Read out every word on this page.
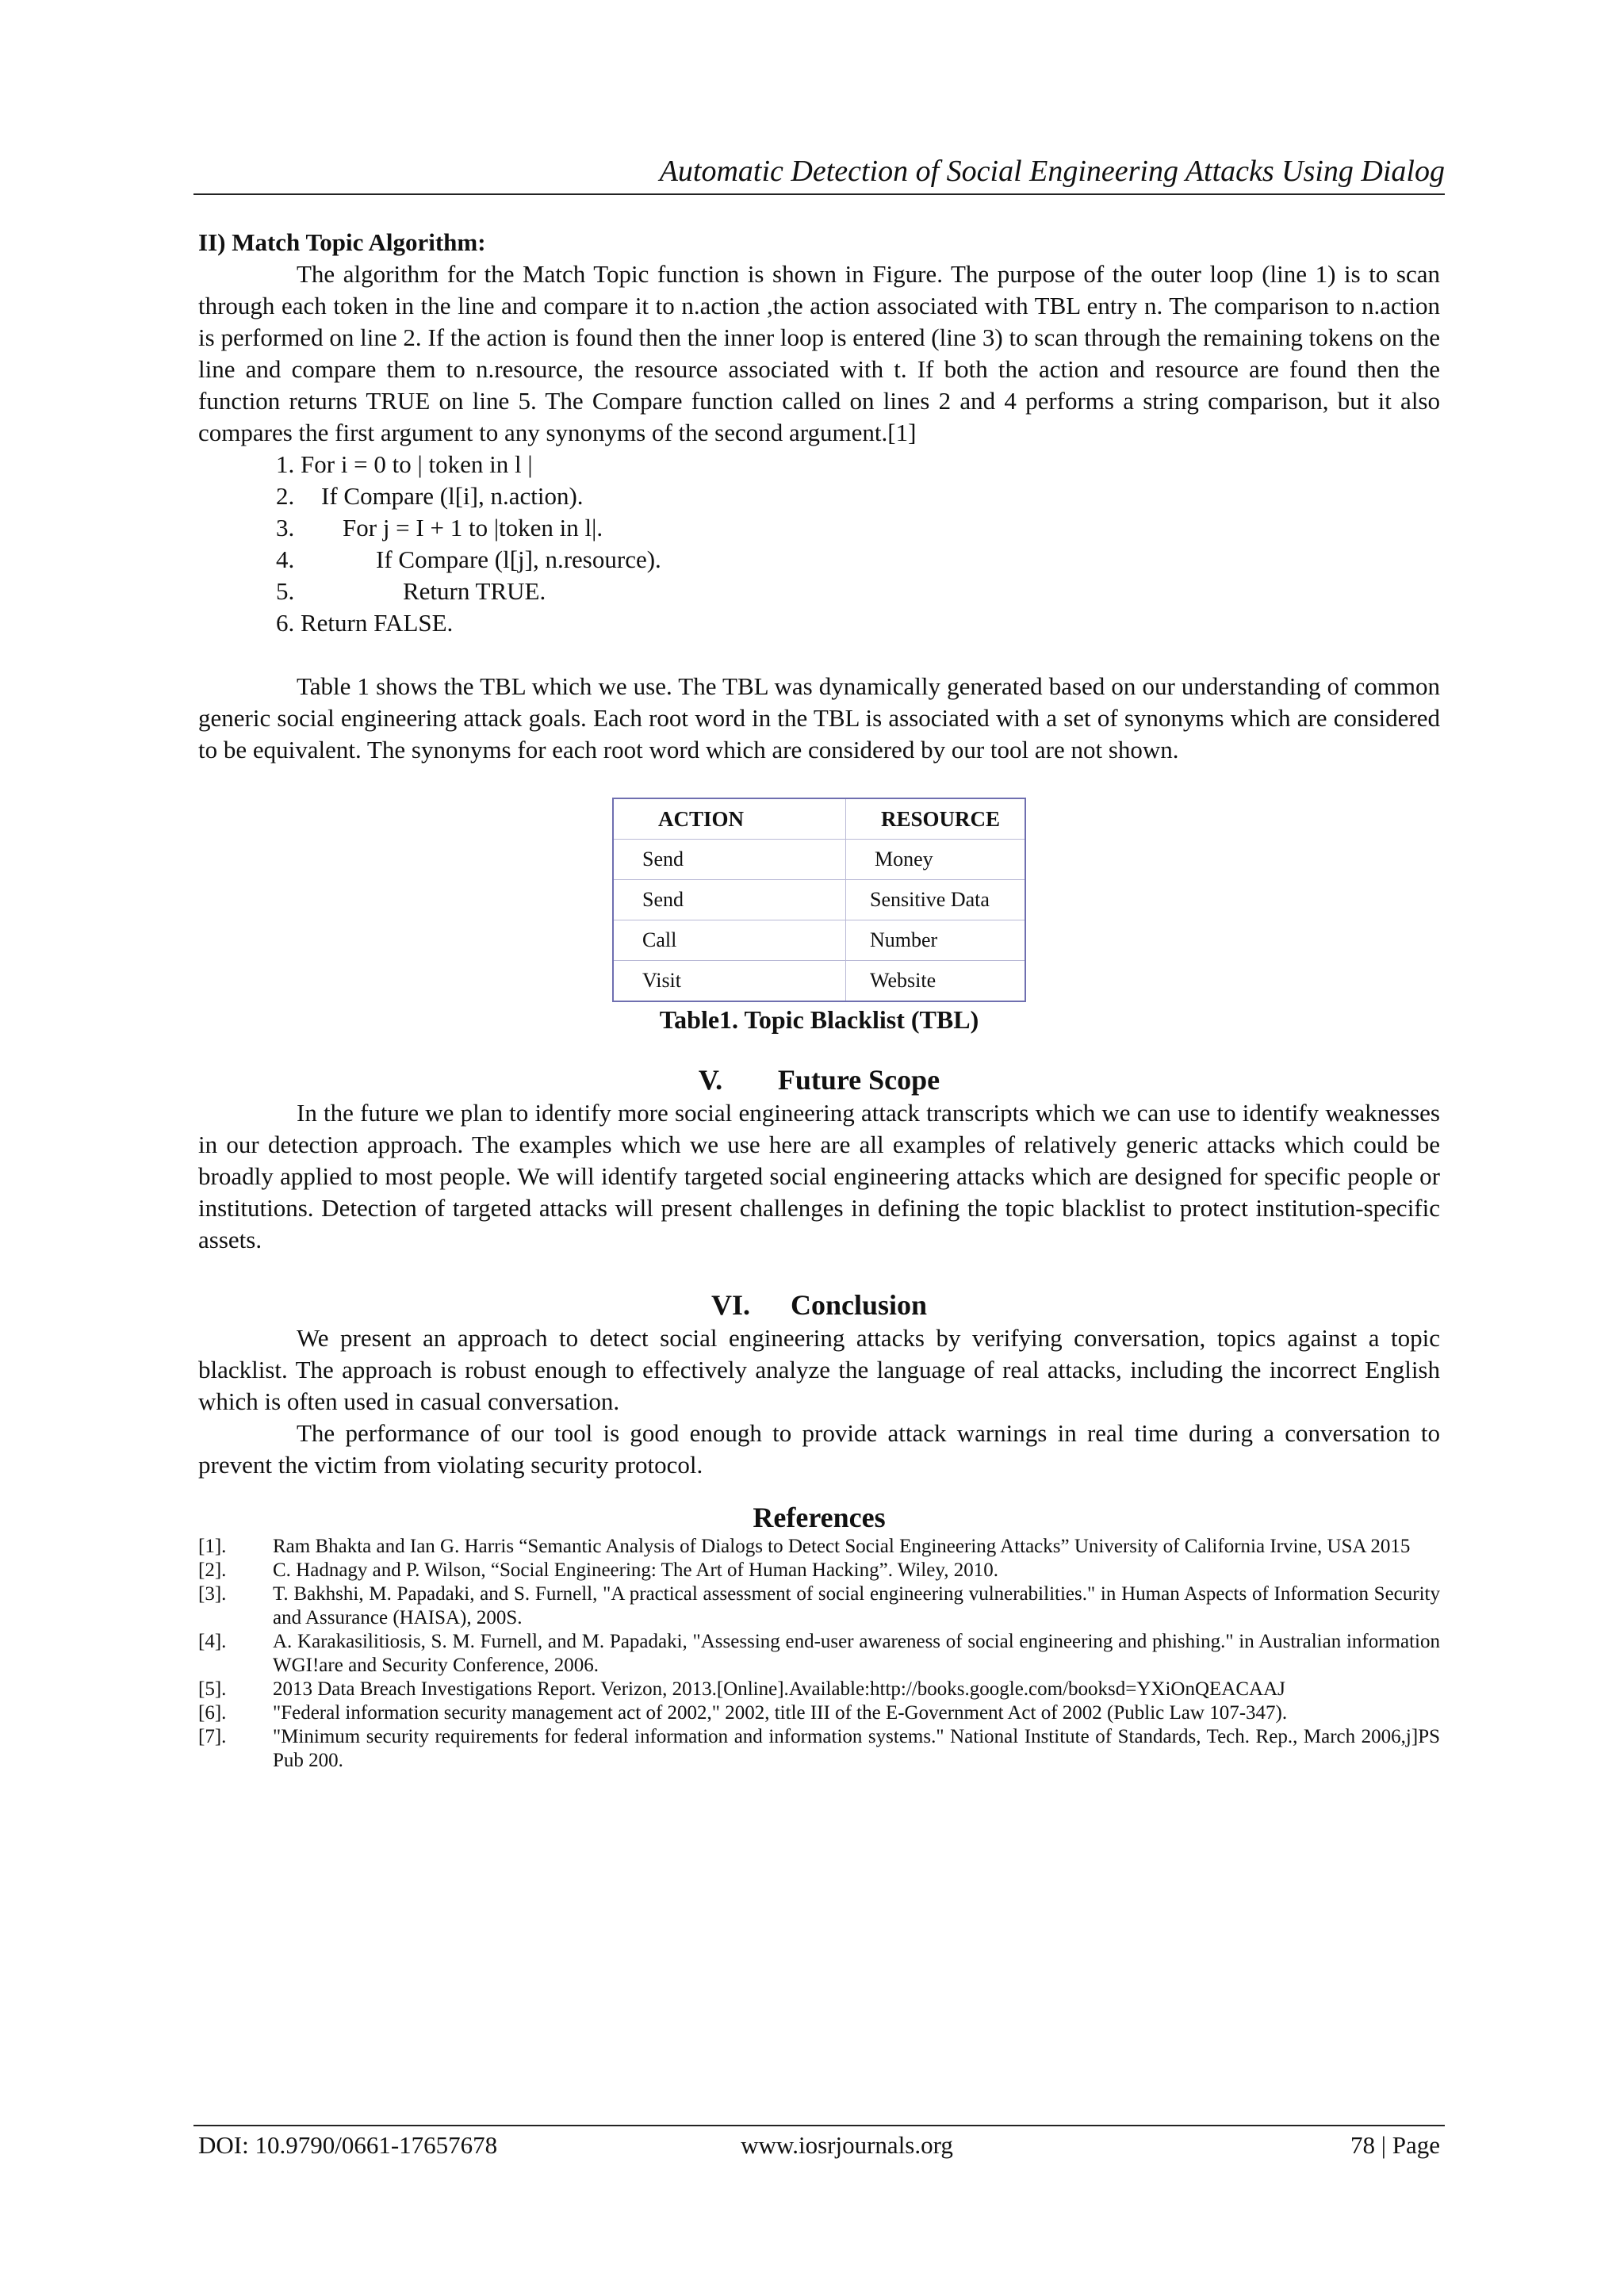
Automatic Detection of Social Engineering Attacks Using Dialog
II) Match Topic Algorithm:

The algorithm for the Match Topic function is shown in Figure. The purpose of the outer loop (line 1) is to scan through each token in the line and compare it to n.action ,the action associated with TBL entry n. The comparison to n.action is performed on line 2. If the action is found then the inner loop is entered (line 3) to scan through the remaining tokens on the line and compare them to n.resource, the resource associated with t. If both the action and resource are found then the function returns TRUE on line 5. The Compare function called on lines 2 and 4 performs a string comparison, but it also compares the first argument to any synonyms of the second argument.[1]

1. For i = 0 to | token in l |
2. If Compare (l[i], n.action).
3. For j = I + 1 to |token in l|.
4.	If Compare (l[j], n.resource).
5.	Return TRUE.
6. Return FALSE.

Table 1 shows the TBL which we use. The TBL was dynamically generated based on our understanding of common generic social engineering attack goals. Each root word in the TBL is associated with a set of synonyms which are considered to be equivalent. The synonyms for each root word which are considered by our tool are not shown.

ACTION	RESOURCE
Send	Money
Send	Sensitive Data
Call	Number
Visit	Website
Table1. Topic Blacklist (TBL)
V. Future Scope

In the future we plan to identify more social engineering attack transcripts which we can use to identify weaknesses in our detection approach. The examples which we use here are all examples of relatively generic attacks which could be broadly applied to most people. We will identify targeted social engineering attacks which are designed for specific people or institutions. Detection of targeted attacks will present challenges in defining the topic blacklist to protect institution-specific assets.

VI. Conclusion

We present an approach to detect social engineering attacks by verifying conversation, topics against a topic blacklist. The approach is robust enough to effectively analyze the language of real attacks, including the incorrect English which is often used in casual conversation.

The performance of our tool is good enough to provide attack warnings in real time during a conversation to prevent the victim from violating security protocol.

References
[1].	Ram Bhakta and Ian G. Harris “Semantic Analysis of Dialogs to Detect Social Engineering Attacks” University of California Irvine, USA 2015
[2].	C. Hadnagy and P. Wilson, “Social Engineering: The Art of Human Hacking”. Wiley, 2010.
[3].	T. Bakhshi, M. Papadaki, and S. Furnell, "A practical assessment of social engineering vulnerabilities." in Human Aspects of Information Security and Assurance (HAISA), 200S.
[4].	A. Karakasilitiosis, S. M. Furnell, and M. Papadaki, "Assessing end-user awareness of social engineering and phishing." in Australian information WGI!are and Security Conference, 2006.
[5].	2013 Data Breach Investigations Report. Verizon, 2013.[Online].Available:http://books.google.com/booksd=YXiOnQEACAAJ
[6].	"Federal information security management act of 2002," 2002, title III of the E-Government Act of 2002 (Public Law 107-347).
[7].	"Minimum security requirements for federal information and information systems." National Institute of Standards, Tech. Rep., March 2006,j]PS Pub 200.
DOI: 10.9790/0661-17657678	www.iosrjournals.org	78 | Page
